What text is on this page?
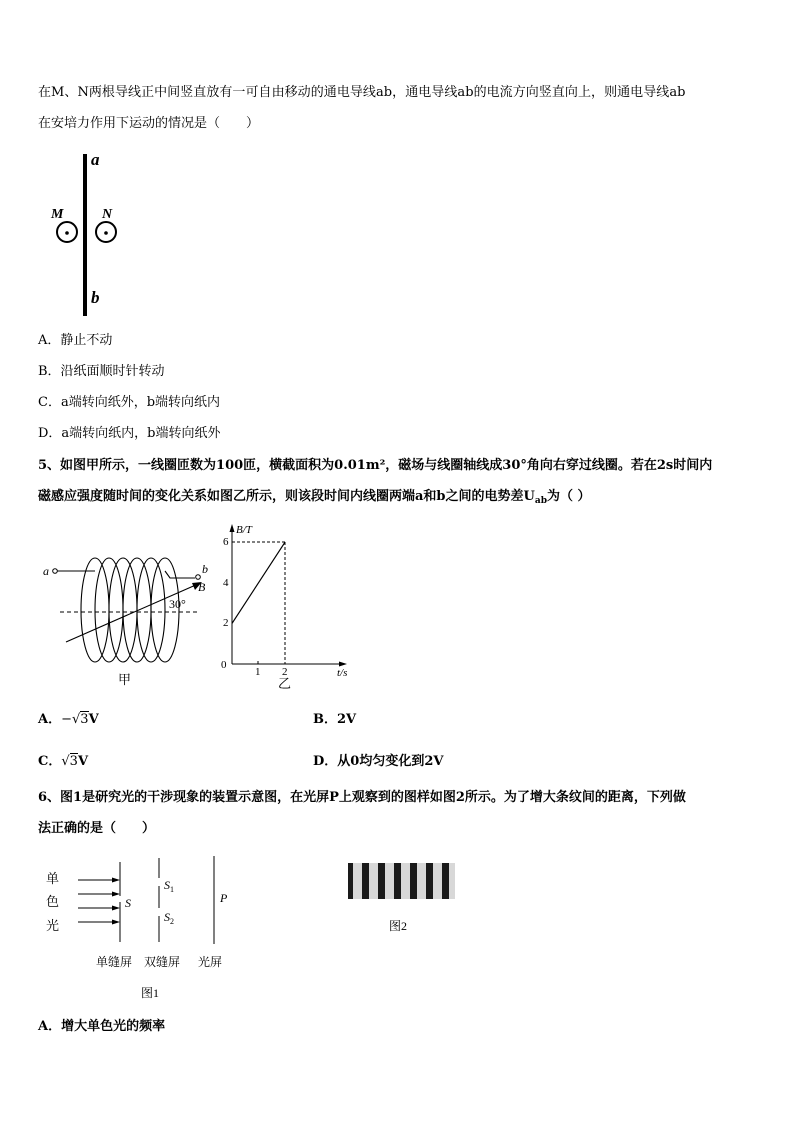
在M、N两根导线正中间竖直放有一可自由移动的通电导线ab，通电导线ab的电流方向竖直向上，则通电导线ab
在安培力作用下运动的情况是（　　）
a
b
M	N
A．静止不动
B．沿纸面顺时针转动
C．a端转向纸外，b端转向纸内
D．a端转向纸内，b端转向纸外
5、如图甲所示，一线圈匝数为100匝，横截面积为0.01m²，磁场与线圈轴线成30°角向右穿过线圈。若在2s时间内
磁感应强度随时间的变化关系如图乙所示，则该段时间内线圈两端a和b之间的电势差$U_{ab}$为（ ）
a	b
B
30°
甲
B/T
t/s
2
4
6
0
1 2
乙
A．−√3V	B．2V
C．√3V	D．从0均匀变化到2V
6、图1是研究光的干涉现象的装置示意图，在光屏P上观察到的图样如图2所示。为了增大条纹间的距离，下列做
法正确的是（　　）
单
色
光
S
$S_1$
$S_2$
P
单缝屏 双缝屏 光屏
图1
图2
A．增大单色光的频率
